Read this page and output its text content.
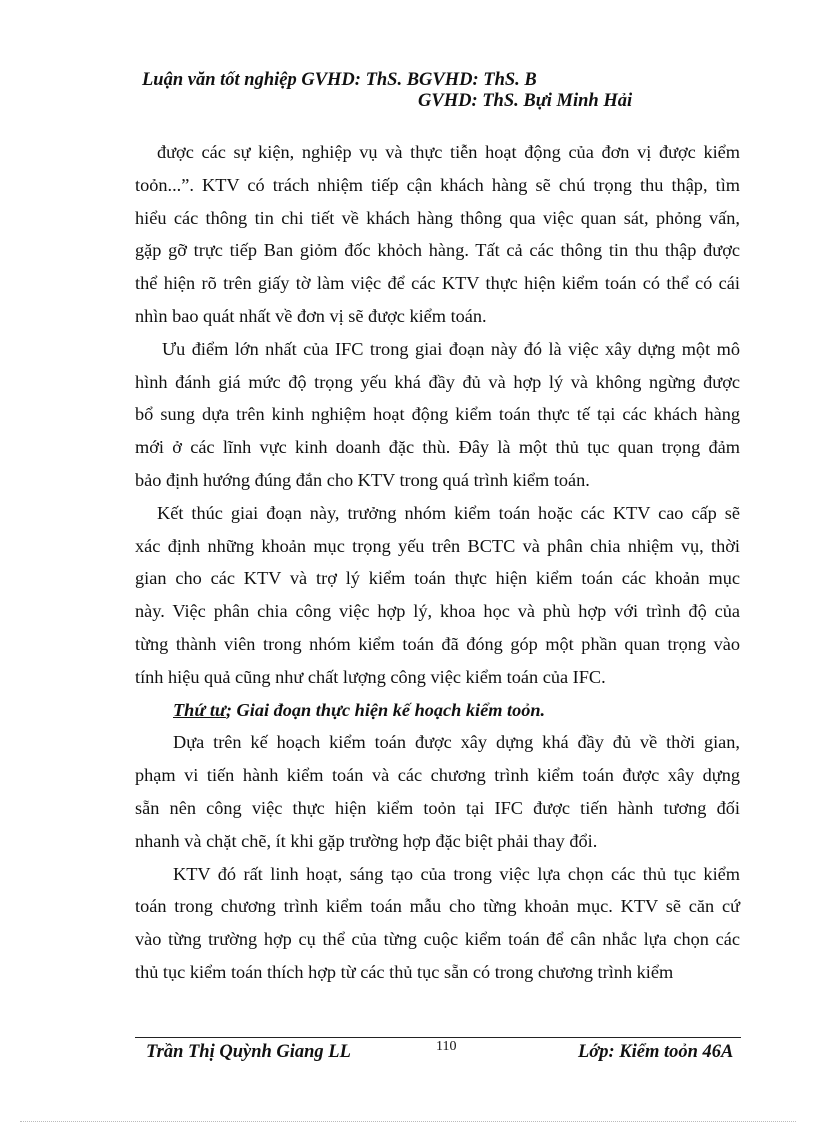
Luận văn tốt nghiệp GVHD: ThS. BGVHD: ThS. B
GVHD: ThS. Bựi Minh Hải
được các sự kiện, nghiệp vụ và thực tiễn hoạt động của đơn vị được kiểm
toỏn...”. KTV có trách nhiệm tiếp cận khách hàng sẽ chú trọng thu thập, tìm
hiểu các thông tin chi tiết về khách hàng thông qua việc quan sát, phỏng vấn,
gặp gỡ trực tiếp Ban giỏm đốc khỏch hàng. Tất cả các thông tin thu thập được
thể hiện rõ trên giấy tờ làm việc để các KTV thực hiện kiểm toán có thể có cái
nhìn bao quát nhất về đơn vị sẽ được kiểm toán.
Ưu điểm lớn nhất của IFC trong giai đoạn này đó là việc xây dựng một mô
hình đánh giá mức độ trọng yếu khá đầy đủ và hợp lý và không ngừng được
bổ sung dựa trên kinh nghiệm hoạt động kiểm toán thực tế tại các khách hàng
mới ở các lĩnh vực kinh doanh đặc thù. Đây là một thủ tục quan trọng đảm
bảo định hướng đúng đắn cho KTV trong quá trình kiểm toán.
Kết thúc giai đoạn này, trưởng nhóm kiểm toán hoặc các KTV cao cấp sẽ
xác định những khoản mục trọng yếu trên BCTC và phân chia nhiệm vụ, thời
gian cho các KTV và trợ lý kiểm toán thực hiện kiểm toán các khoản mục
này. Việc phân chia công việc hợp lý, khoa học và phù hợp với trình độ của
từng thành viên trong nhóm kiểm toán đã đóng góp một phần quan trọng vào
tính hiệu quả cũng như chất lượng công việc kiểm toán của IFC.
Thứ tư; Giai đoạn thực hiện kế hoạch kiểm toỏn.
Dựa trên kế hoạch kiểm toán được xây dựng khá đầy đủ về thời gian,
phạm vi tiến hành kiểm toán và các chương trình kiểm toán được xây dựng
sẵn nên công việc thực hiện kiểm toỏn tại IFC được tiến hành tương đối
nhanh và chặt chẽ, ít khi gặp trường hợp đặc biệt phải thay đổi.
KTV đó rất linh hoạt, sáng tạo của trong việc lựa chọn các thủ tục kiểm
toán trong chương trình kiểm toán mẫu cho từng khoản mục. KTV sẽ căn cứ
vào từng trường hợp cụ thể của từng cuộc kiểm toán để cân nhắc lựa chọn các
thủ tục kiểm toán thích hợp từ các thủ tục sẵn có trong chương trình kiểm
Trần Thị Quỳnh Giang LL	110	Lớp: Kiểm toỏn 46A
